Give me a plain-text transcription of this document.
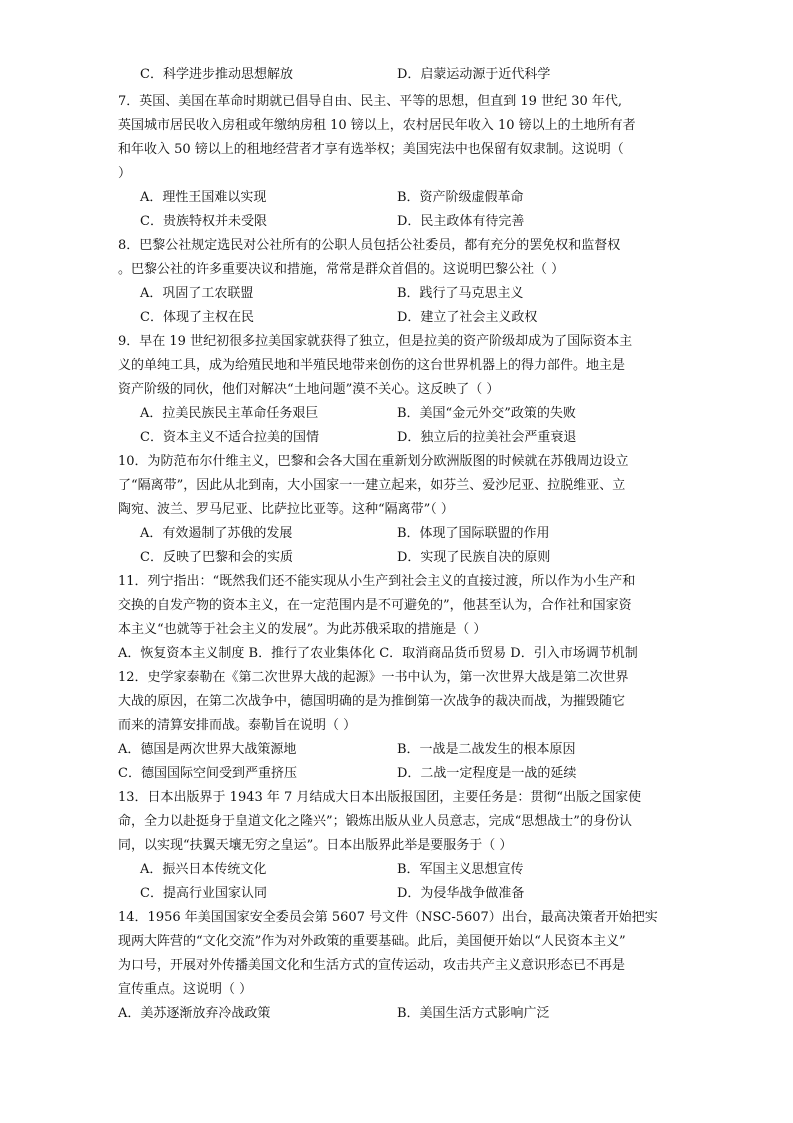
C．科学进步推动思想解放	D．启蒙运动源于近代科学
7．英国、美国在革命时期就已倡导自由、民主、平等的思想，但直到 19 世纪 30 年代,
英国城市居民收入房租或年缴纳房租 10 镑以上，农村居民年收入 10 镑以上的土地所有者
和年收入 50 镑以上的租地经营者才享有选举权；美国宪法中也保留有奴隶制。这说明（
）
A．理性王国难以实现	B．资产阶级虚假革命
C．贵族特权并未受限	D．民主政体有待完善
8．巴黎公社规定选民对公社所有的公职人员包括公社委员，都有充分的罢免权和监督权
。巴黎公社的许多重要决议和措施，常常是群众首倡的。这说明巴黎公社（ ）
A．巩固了工农联盟	B．践行了马克思主义
C．体现了主权在民	D．建立了社会主义政权
9．早在 19 世纪初很多拉美国家就获得了独立，但是拉美的资产阶级却成为了国际资本主
义的单纯工具，成为给殖民地和半殖民地带来创伤的这台世界机器上的得力部件。地主是
资产阶级的同伙，他们对解决“土地问题”漠不关心。这反映了（ ）
A．拉美民族民主革命任务艰巨	B．美国“金元外交”政策的失败
C．资本主义不适合拉美的国情	D．独立后的拉美社会严重衰退
10．为防范布尔什维主义，巴黎和会各大国在重新划分欧洲版图的时候就在苏俄周边设立
了“隔离带”，因此从北到南，大小国家一一建立起来，如芬兰、爱沙尼亚、拉脱维亚、立
陶宛、波兰、罗马尼亚、比萨拉比亚等。这种“隔离带”（ ）
A．有效遏制了苏俄的发展	B．体现了国际联盟的作用
C．反映了巴黎和会的实质	D．实现了民族自决的原则
11．列宁指出：“既然我们还不能实现从小生产到社会主义的直接过渡，所以作为小生产和
交换的自发产物的资本主义，在一定范围内是不可避免的”，他甚至认为，合作社和国家资
本主义“也就等于社会主义的发展”。为此苏俄采取的措施是（ ）
A．恢复资本主义制度 B．推行了农业集体化 C．取消商品货币贸易 D．引入市场调节机制
12．史学家泰勒在《第二次世界大战的起源》一书中认为，第一次世界大战是第二次世界
大战的原因，在第二次战争中，德国明确的是为推倒第一次战争的裁决而战，为摧毁随它
而来的清算安排而战。泰勒旨在说明（ ）
A．德国是两次世界大战策源地	B．一战是二战发生的根本原因
C．德国国际空间受到严重挤压	D．二战一定程度是一战的延续
13．日本出版界于 1943 年 7 月结成大日本出版报国团，主要任务是：贯彻“出版之国家使
命，全力以赴挺身于皇道文化之隆兴”；锻炼出版从业人员意志，完成“思想战士”的身份认
同，以实现“扶翼天壤无穷之皇运”。日本出版界此举是要服务于（ ）
A．振兴日本传统文化	B．军国主义思想宣传
C．提高行业国家认同	D．为侵华战争做准备
14．1956 年美国国家安全委员会第 5607 号文件（NSC-5607）出台，最高决策者开始把实
现两大阵营的“文化交流”作为对外政策的重要基础。此后，美国便开始以“人民资本主义”
为口号，开展对外传播美国文化和生活方式的宣传运动，攻击共产主义意识形态已不再是
宣传重点。这说明（ ）
A．美苏逐渐放弃冷战政策	B．美国生活方式影响广泛
